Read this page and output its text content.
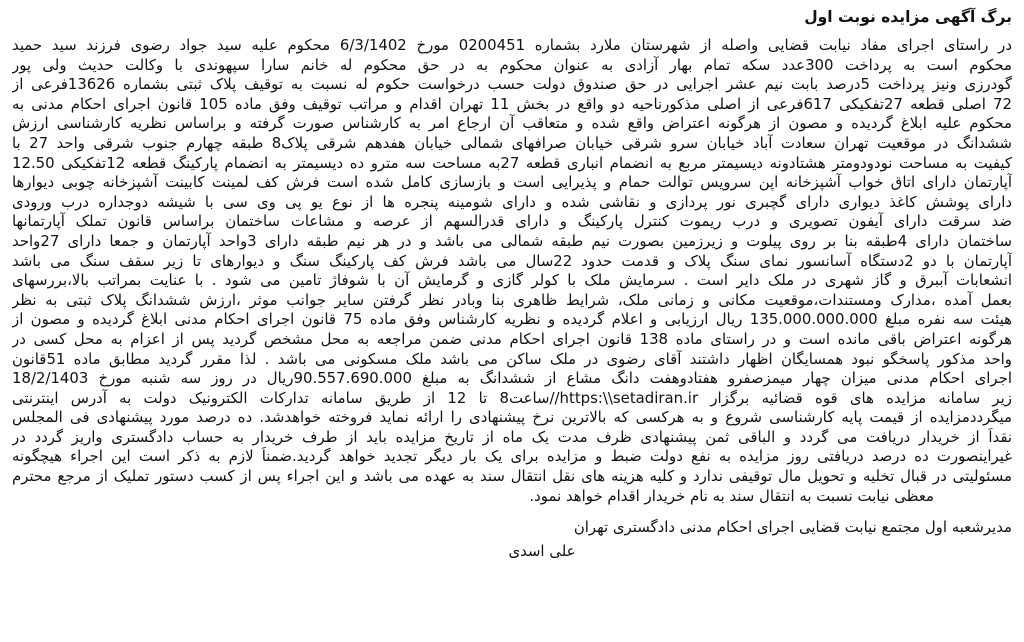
برگ آگهی مزایده نوبت اول
در راستای اجرای مفاد نیابت قضایی واصله از شهرستان ملارد بشماره 0200451 مورخ 6/3/1402 محکوم علیه سید جواد رضوی فرزند سید حمید
محکوم است به پرداخت 300عدد سکه تمام بهار آزادی به عنوان محکوم به در حق محکوم له خانم سارا سپهوندی با وکالت حدیث ولی پور
گودرزی ونیز پرداخت 5درصد بابت نیم عشر اجرایی در حق صندوق دولت حسب درخواست حکوم له نسبت به توقیف پلاک ثبتی بشماره 13626فرعی از
72 اصلی قطعه 27تفکیکی 617فرعی از اصلی مذکورناحیه دو واقع در بخش 11 تهران اقدام و مراتب توقیف وفق ماده 105 قانون اجرای احکام مدنی به
محکوم علیه ابلاغ گردیده و مصون از هرگونه اعتراض واقع شده و متعاقب آن ارجاع امر به کارشناس صورت گرفته و براساس نظریه کارشناسی ارزش
ششدانگ در موقعیت تهران سعادت آباد خیابان سرو شرقی خیابان صرافهای شمالی خیابان هفدهم شرقی پلاک8 طبقه چهارم جنوب شرقی واحد 27 با
کیفیت به مساحت نودودومتر هشتادونه دیسیمتر مربع به انضمام انباری قطعه 27به مساحت سه مترو ده دیسیمتر به انضمام پارکینگ قطعه 12تفکیکی 12.50
آپارتمان دارای اتاق خواب آشپزخانه اپن سرویس توالت حمام و پذیرایی است و بازسازی کامل شده است فرش کف لمینت کابینت آشپزخانه چوبی دیوارها
دارای پوشش کاغذ دیواری دارای گچبری نور پردازی و نقاشی شده و دارای شومینه پنجره ها از نوع یو پی وی سی با شیشه دوجداره درب ورودی
ضد سرقت دارای آیفون تصویری و درب ریموت کنترل پارکینگ و دارای قدرالسهم از عرصه و مشاعات ساختمان براساس قانون تملک آپارتمانها
ساختمان دارای 4طبقه بنا بر روی پیلوت و زیرزمین بصورت نیم طبقه شمالی می باشد و در هر نیم طبقه دارای 3واحد آپارتمان و جمعا دارای 27واحد
آپارتمان با دو 2دستگاه آسانسور نمای سنگ پلاک و قدمت حدود 22سال می باشد فرش کف پارکینگ سنگ و دیوارهای تا زیر سقف سنگ می باشد
انشعابات آببرق و گاز شهری در ملک دایر است . سرمایش ملک با کولر گازی و گرمایش آن با شوفاژ تامین می شود . با عنایت بمراتب بالا،بررسهای
بعمل آمده ،مدارک ومستندات،موقعیت مکانی و زمانی ملک، شرایط ظاهری بنا وبادر نظر گرفتن سایر جوانب موثر ،ارزش ششدانگ پلاک ثبتی به نظر
هیئت سه نفره مبلغ 135.000.000.000 ریال ارزیابی و اعلام گردیده و نظریه کارشناس وفق ماده 75 قانون اجرای احکام مدنی ابلاغ گردیده و مصون از
هرگونه اعتراض باقی مانده است و در راستای ماده 138 قانون اجرای احکام مدنی ضمن مراجعه به محل مشخص گردید پس از اعزام به محل کسی در
واحد مذکور پاسخگو نبود همسایگان اظهار داشتند آقای رضوی در ملک ساکن می باشد ملک مسکونی می باشد . لذا مقرر گردید مطابق ماده 51قانون
اجرای احکام مدنی میزان چهار میمزصفرو هفتادوهفت دانگ مشاع از ششدانگ به مبلغ 90.557.690.000ریال در روز سه شنبه مورخ 18/2/1403
زیر سامانه مزایده های قوه قضائیه برگزار https:\\setadiran.ir//ساعت8 تا 12 از طریق سامانه تدارکات الکترونیک دولت به آدرس اینترنتی
میگرددمزایده از قیمت پایه کارشناسی شروع و به هرکسی که بالاترین نرخ پیشنهادی را ارائه نماید فروخته خواهدشد. ده درصد مورد پیشنهادی فی المجلس
نقداً از خریدار دریافت می گردد و الباقی ثمن پیشنهادی ظرف مدت یک ماه از تاریخ مزایده باید از طرف خریدار به حساب دادگستری واریز گردد در
غیراینصورت ده درصد دریافتی روز مزایده به نفع دولت ضبط و مزایده برای یک بار دیگر تجدید خواهد گردید.ضمناً لازم به ذکر است این اجراء هیچگونه
مسئولیتی در قبال تخلیه و تحویل مال توقیفی ندارد و کلیه هزینه های نقل انتقال سند به عهده می باشد و این اجراء پس از کسب دستور تملیک از مرجع محترم
معظی نیابت نسبت به انتقال سند به نام خریدار اقدام خواهد نمود.
مدیرشعبه اول مجتمع نیابت قضایی اجرای احکام مدنی دادگستری تهران
علی اسدی
